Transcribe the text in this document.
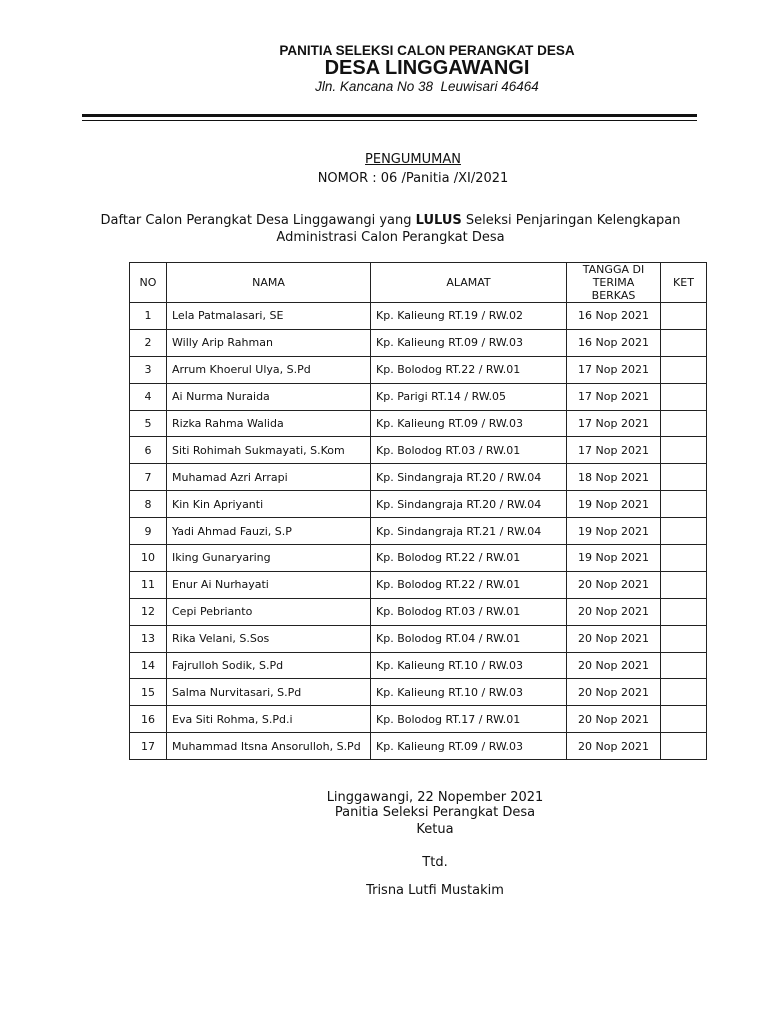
PANITIA SELEKSI CALON PERANGKAT DESA
DESA LINGGAWANGI
Jln. Kancana No 38  Leuwisari 46464
PENGUMUMAN
NOMOR : 06 /Panitia /XI/2021
Daftar Calon Perangkat Desa Linggawangi yang LULUS Seleksi Penjaringan Kelengkapan
Administrasi Calon Perangkat Desa
NO	NAMA	ALAMAT	TANGGA DI
TERIMA
BERKAS	KET
1	Lela Patmalasari, SE	Kp. Kalieung RT.19 / RW.02	16 Nop 2021	
2	Willy Arip Rahman	Kp. Kalieung RT.09 / RW.03	16 Nop 2021	
3	Arrum Khoerul Ulya, S.Pd	Kp. Bolodog RT.22 / RW.01	17 Nop 2021	
4	Ai Nurma Nuraida	Kp. Parigi RT.14 / RW.05	17 Nop 2021	
5	Rizka Rahma Walida	Kp. Kalieung RT.09 / RW.03	17 Nop 2021	
6	Siti Rohimah Sukmayati, S.Kom	Kp. Bolodog RT.03 / RW.01	17 Nop 2021	
7	Muhamad Azri Arrapi	Kp. Sindangraja RT.20 / RW.04	18 Nop 2021	
8	Kin Kin Apriyanti	Kp. Sindangraja RT.20 / RW.04	19 Nop 2021	
9	Yadi Ahmad Fauzi, S.P	Kp. Sindangraja RT.21 / RW.04	19 Nop 2021	
10	Iking Gunaryaring	Kp. Bolodog RT.22 / RW.01	19 Nop 2021	
11	Enur Ai Nurhayati	Kp. Bolodog RT.22 / RW.01	20 Nop 2021	
12	Cepi Pebrianto	Kp. Bolodog RT.03 / RW.01	20 Nop 2021	
13	Rika Velani, S.Sos	Kp. Bolodog RT.04 / RW.01	20 Nop 2021	
14	Fajrulloh Sodik, S.Pd	Kp. Kalieung RT.10 / RW.03	20 Nop 2021	
15	Salma Nurvitasari, S.Pd	Kp. Kalieung RT.10 / RW.03	20 Nop 2021	
16	Eva Siti Rohma, S.Pd.i	Kp. Bolodog RT.17 / RW.01	20 Nop 2021	
17	Muhammad Itsna Ansorulloh, S.Pd	Kp. Kalieung RT.09 / RW.03	20 Nop 2021	
Linggawangi, 22 Nopember 2021
Panitia Seleksi Perangkat Desa
Ketua
Ttd.
Trisna Lutfi Mustakim
